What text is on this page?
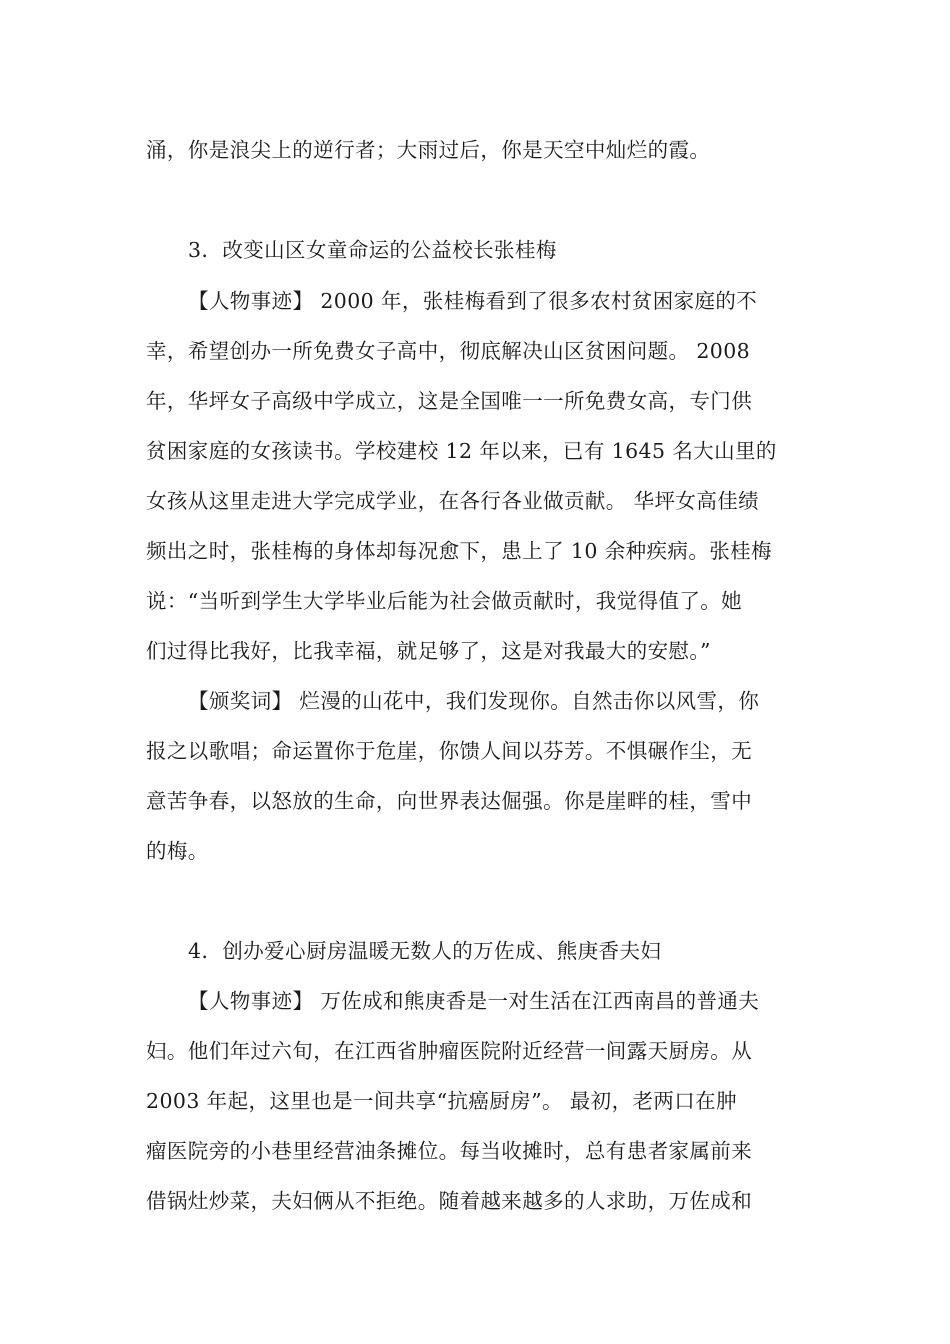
涌，你是浪尖上的逆行者；大雨过后，你是天空中灿烂的霞。
3．改变山区女童命运的公益校长张桂梅
【人物事迹】 2000 年，张桂梅看到了很多农村贫困家庭的不
幸，希望创办一所免费女子高中，彻底解决山区贫困问题。 2008
年，华坪女子高级中学成立，这是全国唯一一所免费女高，专门供
贫困家庭的女孩读书。学校建校 12 年以来，已有 1645 名大山里的
女孩从这里走进大学完成学业，在各行各业做贡献。 华坪女高佳绩
频出之时，张桂梅的身体却每况愈下，患上了 10 余种疾病。张桂梅
说：“当听到学生大学毕业后能为社会做贡献时，我觉得值了。她
们过得比我好，比我幸福，就足够了，这是对我最大的安慰。”
【颁奖词】 烂漫的山花中，我们发现你。自然击你以风雪，你
报之以歌唱；命运置你于危崖，你馈人间以芬芳。不惧碾作尘，无
意苦争春，以怒放的生命，向世界表达倔强。你是崖畔的桂，雪中
的梅。
4．创办爱心厨房温暖无数人的万佐成、熊庚香夫妇
【人物事迹】 万佐成和熊庚香是一对生活在江西南昌的普通夫
妇。他们年过六旬，在江西省肿瘤医院附近经营一间露天厨房。从
2003 年起，这里也是一间共享“抗癌厨房”。 最初，老两口在肿
瘤医院旁的小巷里经营油条摊位。每当收摊时，总有患者家属前来
借锅灶炒菜，夫妇俩从不拒绝。随着越来越多的人求助，万佐成和
